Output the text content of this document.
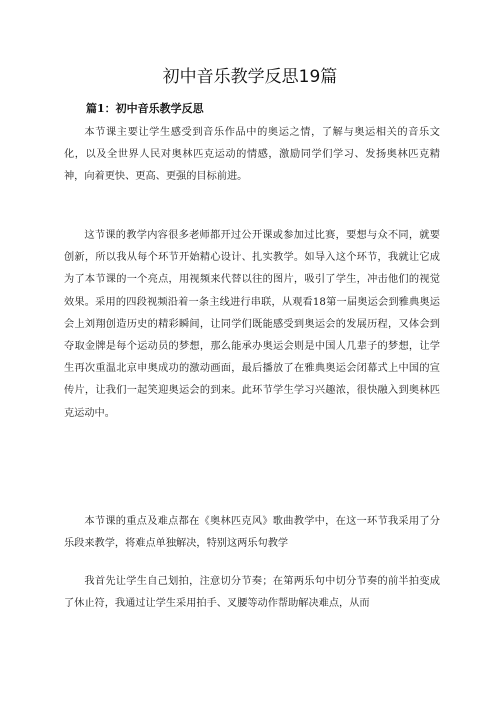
初中音乐教学反思19篇
篇1：初中音乐教学反思

本节课主要让学生感受到音乐作品中的奥运之情，了解与奥运相关的音乐文化，以及全世界人民对奥林匹克运动的情感，激励同学们学习、发扬奥林匹克精神，向着更快、更高、更强的目标前进。

这节课的教学内容很多老师都开过公开课或参加过比赛，要想与众不同，就要创新，所以我从每个环节开始精心设计、扎实教学。如导入这个环节，我就让它成为了本节课的一个亮点，用视频来代替以往的图片，吸引了学生，冲击他们的视觉效果。采用的四段视频沿着一条主线进行串联，从观看18第一届奥运会到雅典奥运会上刘翔创造历史的精彩瞬间，让同学们既能感受到奥运会的发展历程，又体会到夺取金牌是每个运动员的梦想，那么能承办奥运会则是中国人几辈子的梦想，让学生再次重温北京申奥成功的激动画面，最后播放了在雅典奥运会闭幕式上中国的宣传片，让我们一起笑迎奥运会的到来。此环节学生学习兴趣浓，很快融入到奥林匹克运动中。

本节课的重点及难点都在《奥林匹克风》歌曲教学中，在这一环节我采用了分乐段来教学，将难点单独解决，特别这两乐句教学

我首先让学生自己划拍，注意切分节奏；在第两乐句中切分节奏的前半拍变成了休止符，我通过让学生采用拍手、叉腰等动作帮助解决难点，从而
